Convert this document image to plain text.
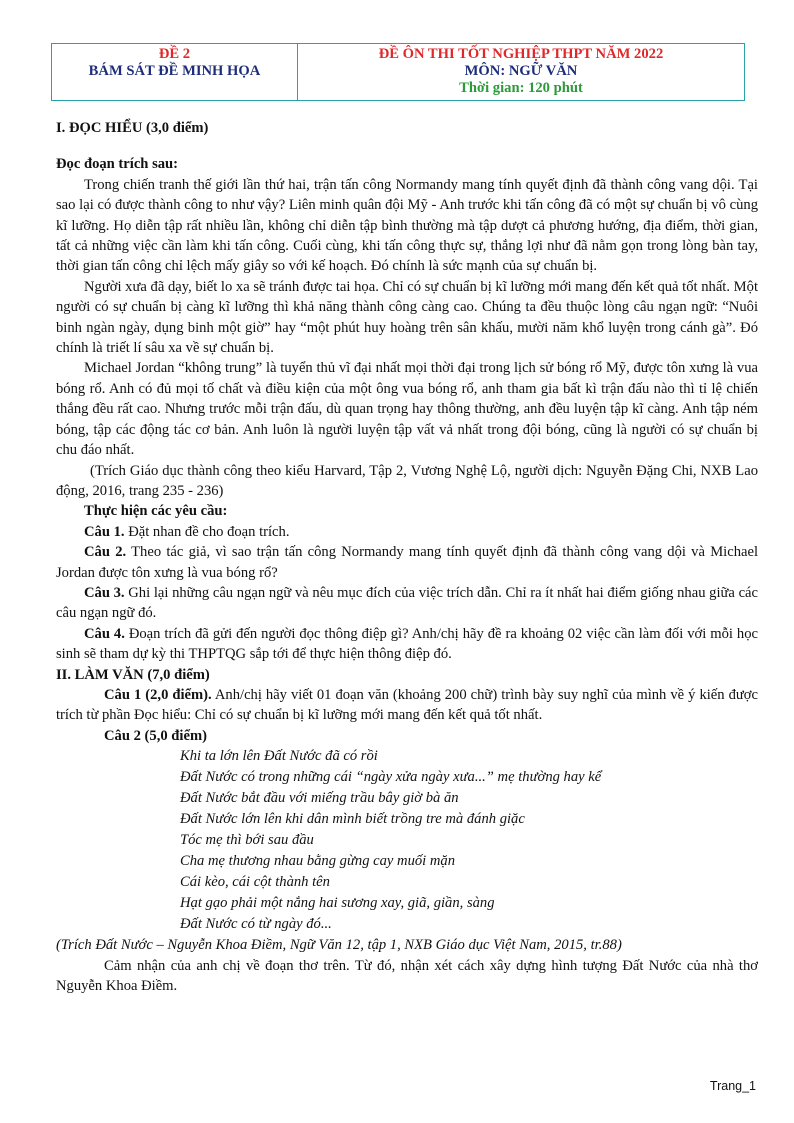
ĐỀ 2
BÁM SÁT ĐỀ MINH HỌA
ĐỀ ÔN THI TỐT NGHIỆP THPT NĂM 2022
MÔN: NGỮ VĂN
Thời gian: 120 phút

I. ĐỌC HIỂU (3,0 điểm)

Đọc đoạn trích sau:

Trong chiến tranh thế giới lần thứ hai, trận tấn công Normandy mang tính quyết định đã thành công vang dội. Tại sao lại có được thành công to như vậy? Liên minh quân đội Mỹ - Anh trước khi tấn công đã có một sự chuẩn bị vô cùng kĩ lưỡng. Họ diễn tập rất nhiều lần, không chỉ diễn tập bình thường mà tập dượt cả phương hướng, địa điểm, thời gian, tất cả những việc cần làm khi tấn công. Cuối cùng, khi tấn công thực sự, thắng lợi như đã nằm gọn trong lòng bàn tay, thời gian tấn công chỉ lệch mấy giây so với kế hoạch. Đó chính là sức mạnh của sự chuẩn bị.

Người xưa đã dạy, biết lo xa sẽ tránh được tai họa. Chỉ có sự chuẩn bị kĩ lưỡng mới mang đến kết quả tốt nhất. Một người có sự chuẩn bị càng kĩ lưỡng thì khả năng thành công càng cao. Chúng ta đều thuộc lòng câu ngạn ngữ: “Nuôi binh ngàn ngày, dụng binh một giờ” hay “một phút huy hoàng trên sân khấu, mười năm khổ luyện trong cánh gà”. Đó chính là triết lí sâu xa về sự chuẩn bị.

Michael Jordan “không trung” là tuyển thủ vĩ đại nhất mọi thời đại trong lịch sử bóng rổ Mỹ, được tôn xưng là vua bóng rổ. Anh có đủ mọi tố chất và điều kiện của một ông vua bóng rổ, anh tham gia bất kì trận đấu nào thì tỉ lệ chiến thắng đều rất cao. Nhưng trước mỗi trận đấu, dù quan trọng hay thông thường, anh đều luyện tập kĩ càng. Anh tập ném bóng, tập các động tác cơ bản. Anh luôn là người luyện tập vất vả nhất trong đội bóng, cũng là người có sự chuẩn bị chu đáo nhất.

(Trích Giáo dục thành công theo kiểu Harvard, Tập 2, Vương Nghệ Lộ, người dịch: Nguyễn Đặng Chi, NXB Lao động, 2016, trang 235 - 236)

Thực hiện các yêu cầu:

Câu 1. Đặt nhan đề cho đoạn trích.

Câu 2. Theo tác giả, vì sao trận tấn công Normandy mang tính quyết định đã thành công vang dội và Michael Jordan được tôn xưng là vua bóng rổ?

Câu 3. Ghi lại những câu ngạn ngữ và nêu mục đích của việc trích dẫn. Chỉ ra ít nhất hai điểm giống nhau giữa các câu ngạn ngữ đó.

Câu 4. Đoạn trích đã gửi đến người đọc thông điệp gì? Anh/chị hãy đề ra khoảng 02 việc cần làm đối với mỗi học sinh sẽ tham dự kỳ thi THPTQG sắp tới để thực hiện thông điệp đó.

II. LÀM VĂN (7,0 điểm)

Câu 1 (2,0 điểm). Anh/chị hãy viết 01 đoạn văn (khoảng 200 chữ) trình bày suy nghĩ của mình về ý kiến được trích từ phần Đọc hiểu: Chỉ có sự chuẩn bị kĩ lưỡng mới mang đến kết quả tốt nhất.

Câu 2 (5,0 điểm)

Khi ta lớn lên Đất Nước đã có rồi
Đất Nước có trong những cái “ngày xửa ngày xưa...” mẹ thường hay kể
Đất Nước bắt đầu với miếng trầu bây giờ bà ăn
Đất Nước lớn lên khi dân mình biết trồng tre mà đánh giặc
Tóc mẹ thì bới sau đầu
Cha mẹ thương nhau bằng gừng cay muối mặn
Cái kèo, cái cột thành tên
Hạt gạo phải một nắng hai sương xay, giã, giần, sàng
Đất Nước có từ ngày đó...

(Trích Đất Nước – Nguyễn Khoa Điềm, Ngữ Văn 12, tập 1, NXB Giáo dục Việt Nam, 2015, tr.88)

Cảm nhận của anh chị về đoạn thơ trên. Từ đó, nhận xét cách xây dựng hình tượng Đất Nước của nhà thơ Nguyễn Khoa Điềm.

Trang_1
